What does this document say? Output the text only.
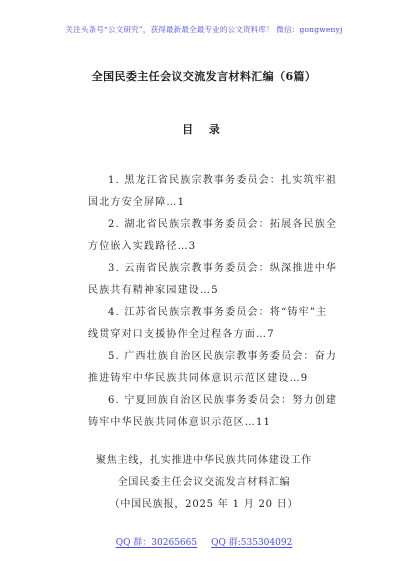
关注头条号“公文研究”，获得最新最全最专业的公文资料库！ 微信：gongwenyj
全国民委主任会议交流发言材料汇编（6篇）
目 录
1. 黑龙江省民族宗教事务委员会：扎实筑牢祖国北方安全屏障…1
2. 湖北省民族宗教事务委员会：拓展各民族全方位嵌入实践路径…3
3. 云南省民族宗教事务委员会：纵深推进中华民族共有精神家园建设…5
4. 江苏省民族宗教事务委员会：将“铸牢”主线贯穿对口支援协作全过程各方面…7
5. 广西壮族自治区民族宗教事务委员会：奋力推进铸牢中华民族共同体意识示范区建设…9
6. 宁夏回族自治区民族事务委员会：努力创建铸牢中华民族共同体意识示范区…11
聚焦主线，扎实推进中华民族共同体建设工作
全国民委主任会议交流发言材料汇编
（中国民族报，2025 年 1 月 20 日）
QQ 群：30265665 QQ 群:535304092
